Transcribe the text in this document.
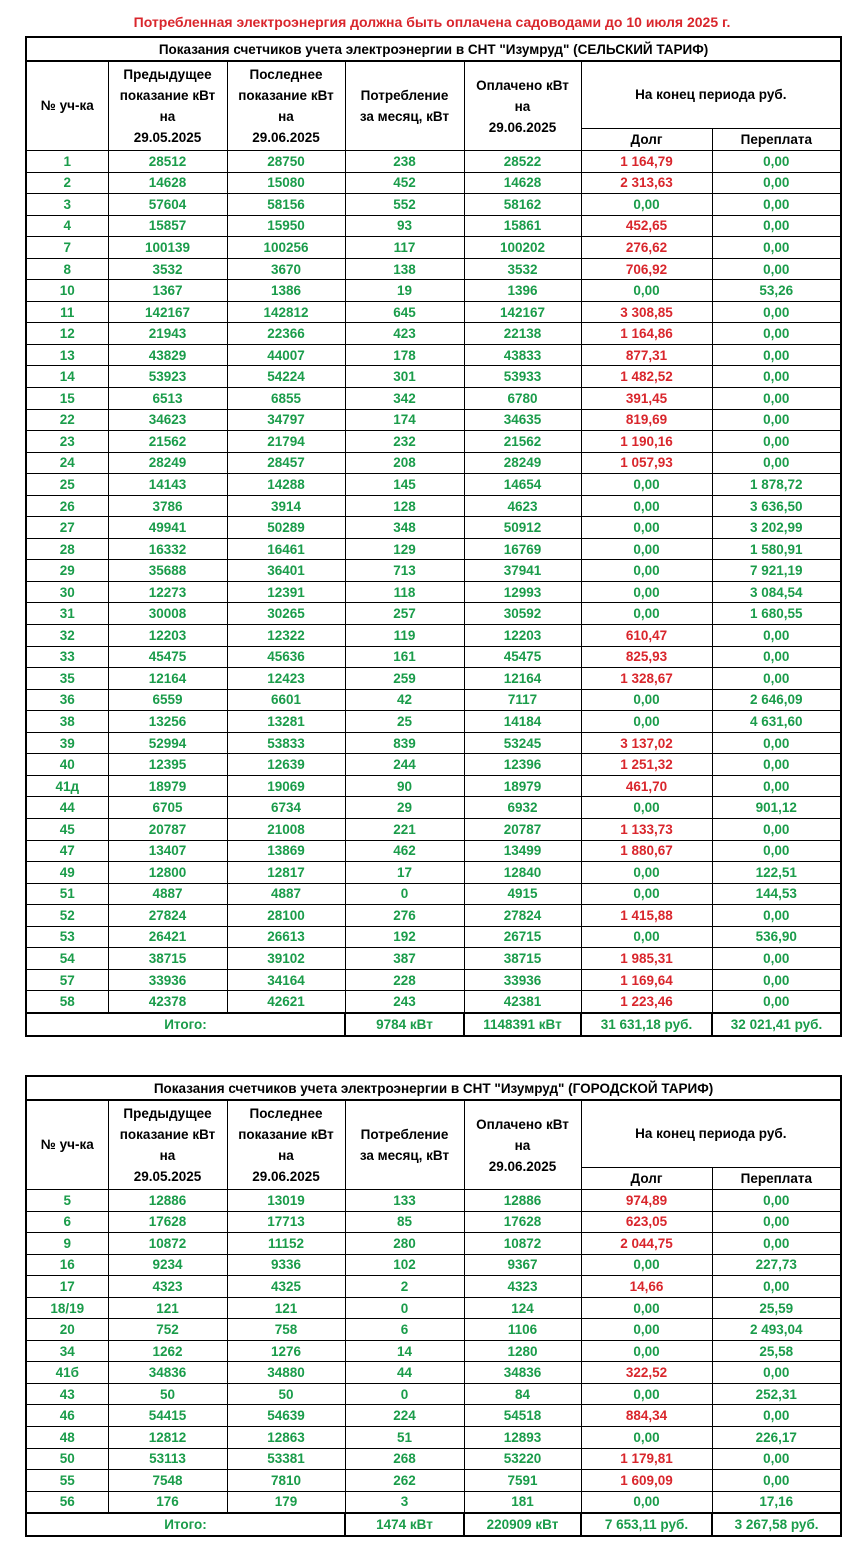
Потребленная электроэнергия должна быть оплачена садоводами до 10 июля 2025 г.
Показания счетчиков учета электроэнергии в СНТ "Изумруд" (СЕЛЬСКИЙ ТАРИФ)						
№ уч-ка	Предыдущее
показание кВт
на
29.05.2025	Последнее
показание кВт
на
29.06.2025	Потребление
за месяц, кВт	Оплачено кВт
на
29.06.2025	На конец периода руб.	
					Долг	Переплата
1	28512	28750	238	28522	1 164,79	0,00
2	14628	15080	452	14628	2 313,63	0,00
3	57604	58156	552	58162	0,00	0,00
4	15857	15950	93	15861	452,65	0,00
7	100139	100256	117	100202	276,62	0,00
8	3532	3670	138	3532	706,92	0,00
10	1367	1386	19	1396	0,00	53,26
11	142167	142812	645	142167	3 308,85	0,00
12	21943	22366	423	22138	1 164,86	0,00
13	43829	44007	178	43833	877,31	0,00
14	53923	54224	301	53933	1 482,52	0,00
15	6513	6855	342	6780	391,45	0,00
22	34623	34797	174	34635	819,69	0,00
23	21562	21794	232	21562	1 190,16	0,00
24	28249	28457	208	28249	1 057,93	0,00
25	14143	14288	145	14654	0,00	1 878,72
26	3786	3914	128	4623	0,00	3 636,50
27	49941	50289	348	50912	0,00	3 202,99
28	16332	16461	129	16769	0,00	1 580,91
29	35688	36401	713	37941	0,00	7 921,19
30	12273	12391	118	12993	0,00	3 084,54
31	30008	30265	257	30592	0,00	1 680,55
32	12203	12322	119	12203	610,47	0,00
33	45475	45636	161	45475	825,93	0,00
35	12164	12423	259	12164	1 328,67	0,00
36	6559	6601	42	7117	0,00	2 646,09
38	13256	13281	25	14184	0,00	4 631,60
39	52994	53833	839	53245	3 137,02	0,00
40	12395	12639	244	12396	1 251,32	0,00
41д	18979	19069	90	18979	461,70	0,00
44	6705	6734	29	6932	0,00	901,12
45	20787	21008	221	20787	1 133,73	0,00
47	13407	13869	462	13499	1 880,67	0,00
49	12800	12817	17	12840	0,00	122,51
51	4887	4887	0	4915	0,00	144,53
52	27824	28100	276	27824	1 415,88	0,00
53	26421	26613	192	26715	0,00	536,90
54	38715	39102	387	38715	1 985,31	0,00
57	33936	34164	228	33936	1 169,64	0,00
58	42378	42621	243	42381	1 223,46	0,00
Итого:			9784 кВт	1148391 кВт	31 631,18 руб.	32 021,41 руб.
Показания счетчиков учета электроэнергии в СНТ "Изумруд" (ГОРОДСКОЙ ТАРИФ)						
№ уч-ка	Предыдущее
показание кВт
на
29.05.2025	Последнее
показание кВт
на
29.06.2025	Потребление
за месяц, кВт	Оплачено кВт
на
29.06.2025	На конец периода руб.	
					Долг	Переплата
5	12886	13019	133	12886	974,89	0,00
6	17628	17713	85	17628	623,05	0,00
9	10872	11152	280	10872	2 044,75	0,00
16	9234	9336	102	9367	0,00	227,73
17	4323	4325	2	4323	14,66	0,00
18/19	121	121	0	124	0,00	25,59
20	752	758	6	1106	0,00	2 493,04
34	1262	1276	14	1280	0,00	25,58
41б	34836	34880	44	34836	322,52	0,00
43	50	50	0	84	0,00	252,31
46	54415	54639	224	54518	884,34	0,00
48	12812	12863	51	12893	0,00	226,17
50	53113	53381	268	53220	1 179,81	0,00
55	7548	7810	262	7591	1 609,09	0,00
56	176	179	3	181	0,00	17,16
Итого:			1474 кВт	220909 кВт	7 653,11 руб.	3 267,58 руб.
